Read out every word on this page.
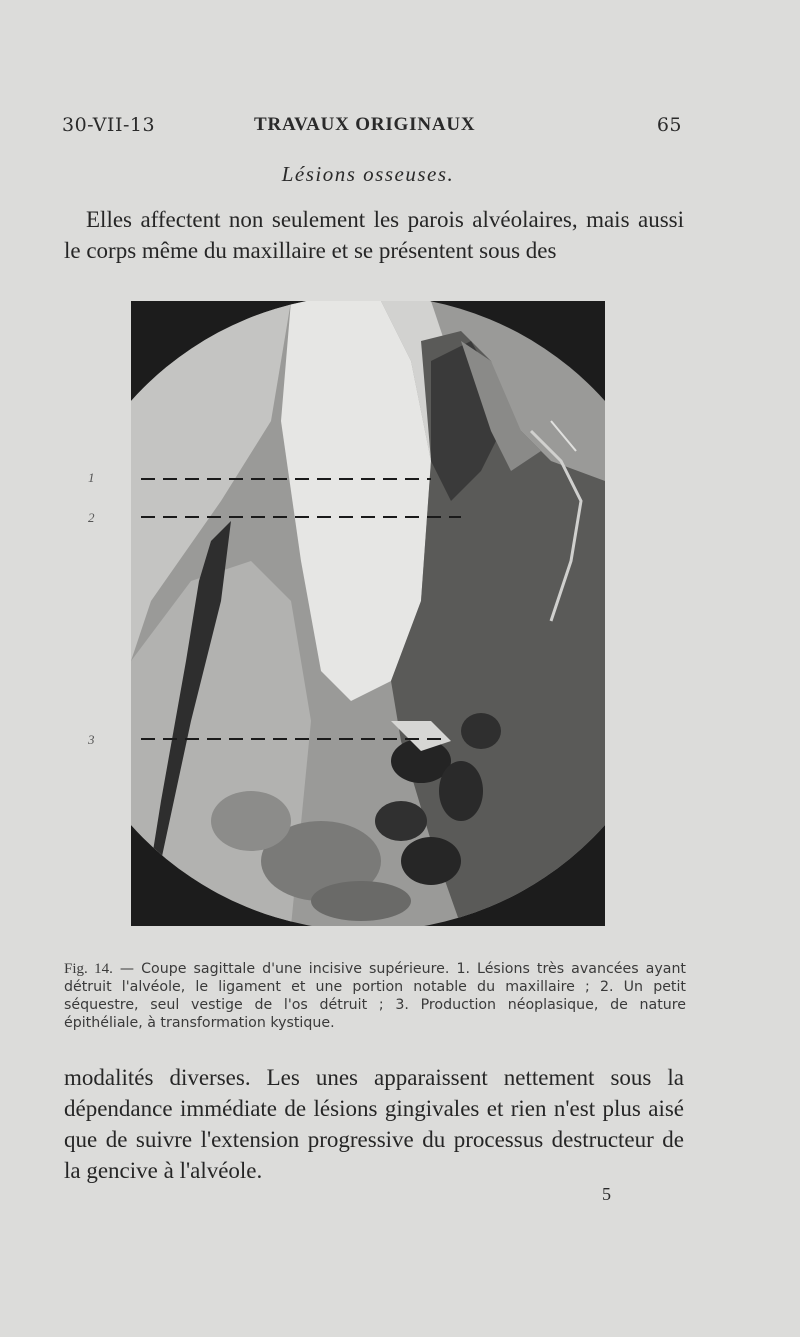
30-VII-13	TRAVAUX ORIGINAUX	65
Lésions osseuses.
Elles affectent non seulement les parois alvéolaires, mais aussi le corps même du maxillaire et se présentent sous des
1
2
3
Fig. 14. — Coupe sagittale d'une incisive supérieure. 1. Lésions très avancées ayant détruit l'alvéole, le ligament et une portion notable du maxillaire ; 2. Un petit séquestre, seul vestige de l'os détruit ; 3. Production néoplasique, de nature épithéliale, à transformation kystique.
modalités diverses. Les unes apparaissent nettement sous la dépendance immédiate de lésions gingivales et rien n'est plus aisé que de suivre l'extension progressive du processus destructeur de la gencive à l'alvéole.
5
